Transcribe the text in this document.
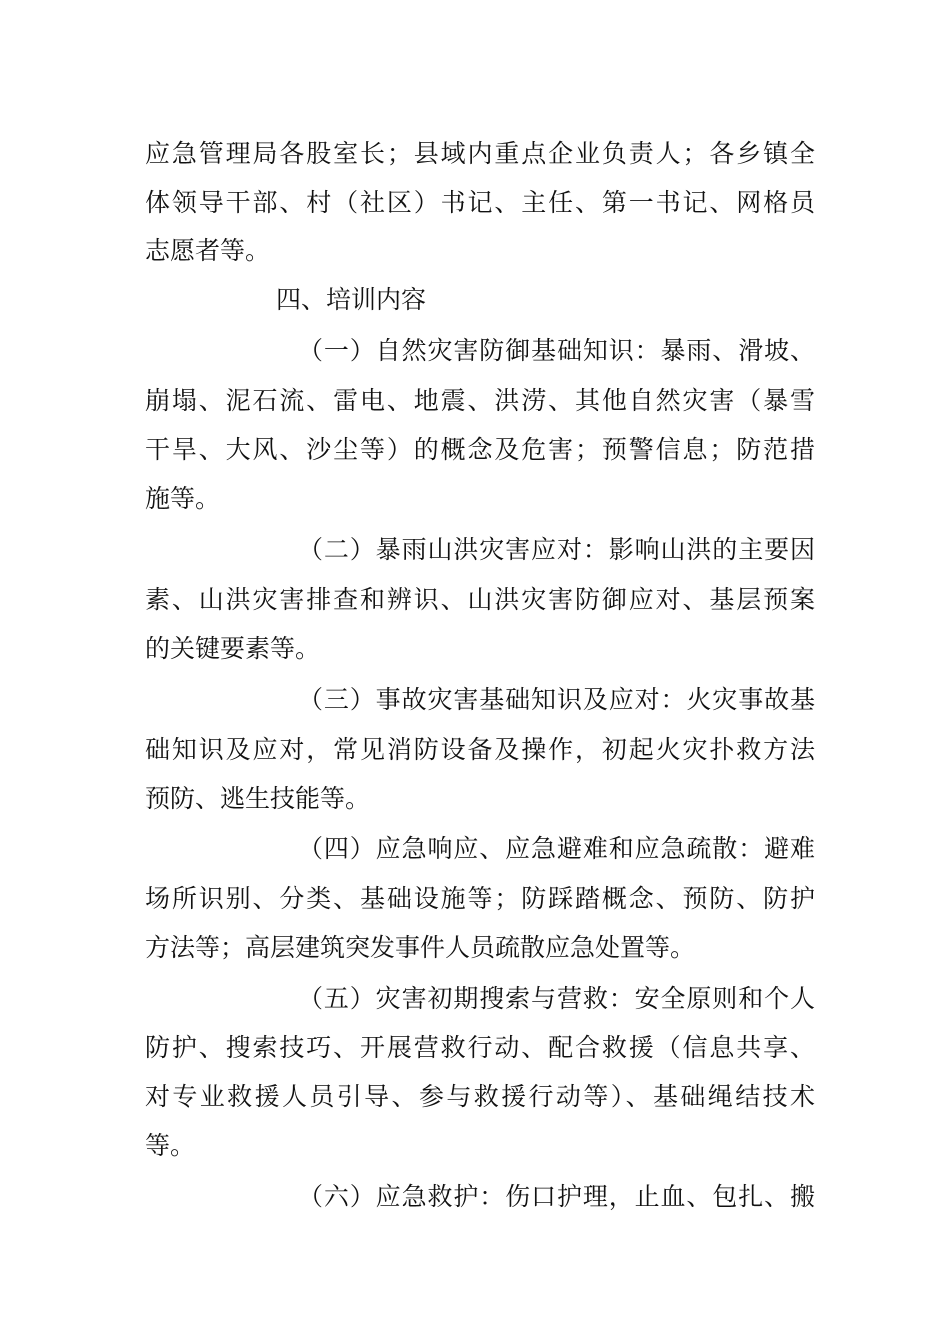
应急管理局各股室长；县域内重点企业负责人；各乡镇全
体领导干部、村（社区）书记、主任、第一书记、网格员
志愿者等。
四、培训内容
（一）自然灾害防御基础知识：暴雨、滑坡、
崩塌、泥石流、雷电、地震、洪涝、其他自然灾害（暴雪
干旱、大风、沙尘等）的概念及危害；预警信息；防范措
施等。
（二）暴雨山洪灾害应对：影响山洪的主要因
素、山洪灾害排查和辨识、山洪灾害防御应对、基层预案
的关键要素等。
（三）事故灾害基础知识及应对：火灾事故基
础知识及应对，常见消防设备及操作，初起火灾扑救方法
预防、逃生技能等。
（四）应急响应、应急避难和应急疏散：避难
场所识别、分类、基础设施等；防踩踏概念、预防、防护
方法等；高层建筑突发事件人员疏散应急处置等。
（五）灾害初期搜索与营救：安全原则和个人
防护、搜索技巧、开展营救行动、配合救援（信息共享、
对专业救援人员引导、参与救援行动等）、基础绳结技术
等。
（六）应急救护：伤口护理，止血、包扎、搬
